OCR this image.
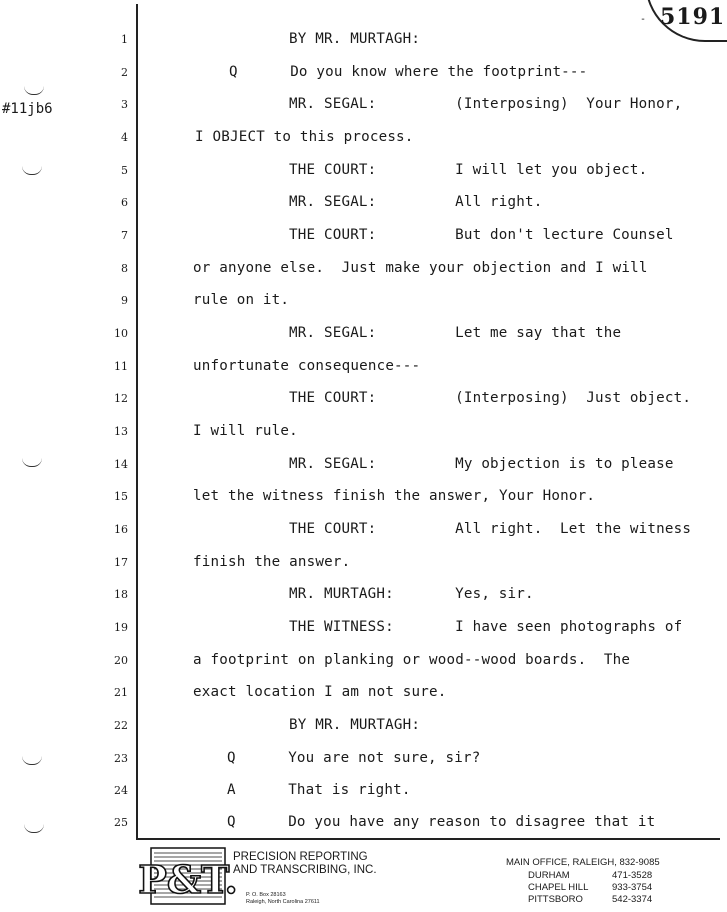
- 5191
#11jb6
1	BY MR. MURTAGH:
2	Q      Do you know where the footprint---
3	MR. SEGAL:         (Interposing)  Your Honor,
4	I OBJECT to this process.
5	THE COURT:         I will let you object.
6	MR. SEGAL:         All right.
7	THE COURT:         But don't lecture Counsel
8	or anyone else.  Just make your objection and I will
9	rule on it.
10	MR. SEGAL:         Let me say that the
11	unfortunate consequence---
12	THE COURT:         (Interposing)  Just object.
13	I will rule.
14	MR. SEGAL:         My objection is to please
15	let the witness finish the answer, Your Honor.
16	THE COURT:         All right.  Let the witness
17	finish the answer.
18	MR. MURTAGH:       Yes, sir.
19	THE WITNESS:       I have seen photographs of
20	a footprint on planking or wood--wood boards.  The
21	exact location I am not sure.
22	BY MR. MURTAGH:
23	Q      You are not sure, sir?
24	A      That is right.
25	Q      Do you have any reason to disagree that it
P&T.
PRECISION REPORTING
AND TRANSCRIBING, INC.
P. O. Box 28163
Raleigh, North Carolina 27611
MAIN OFFICE, RALEIGH, 832-9085
DURHAM	471-3528
CHAPEL HILL 933-3754
PITTSBORO	542-3374
